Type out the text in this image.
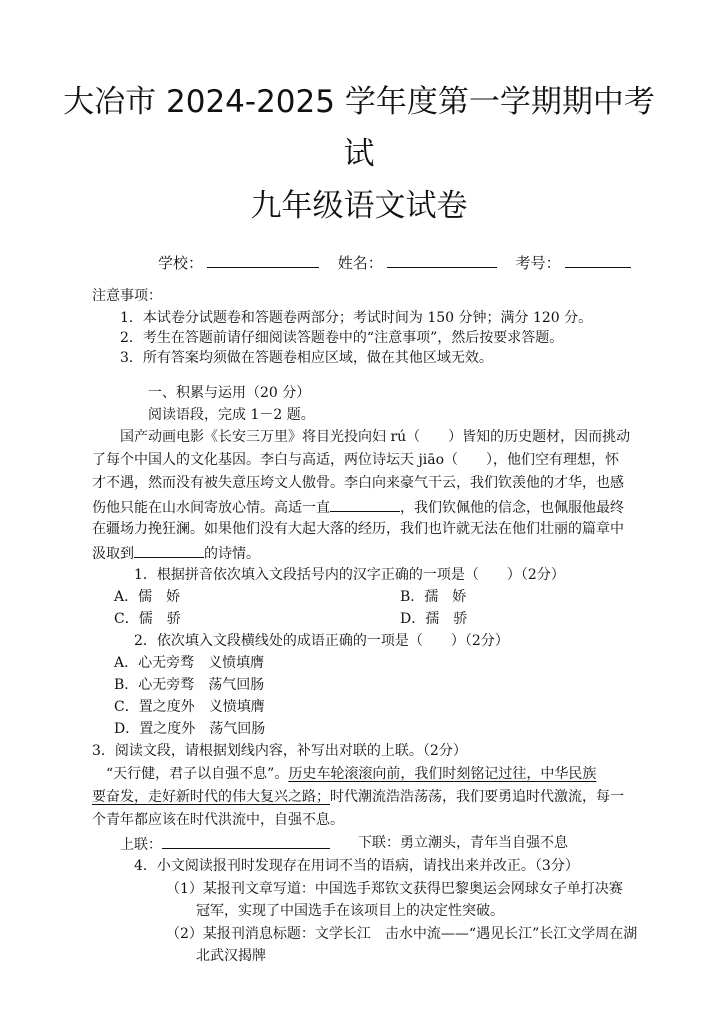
大冶市 2024-2025 学年度第一学期期中考
试
九年级语文试卷
学校：	姓名：	考号：
注意事项：
1．本试卷分试题卷和答题卷两部分；考试时间为 150 分钟；满分 120 分。
2．考生在答题前请仔细阅读答题卷中的“注意事项”，然后按要求答题。
3．所有答案均须做在答题卷相应区域，做在其他区域无效。
一、积累与运用（20 分）
阅读语段，完成 1－2 题。
国产动画电影《长安三万里》将目光投向妇 rú（　　）皆知的历史题材，因而挑动
了每个中国人的文化基因。李白与高适，两位诗坛天 jiāo（　　），他们空有理想，怀
才不遇，然而没有被失意压垮文人傲骨。李白向来豪气干云，我们钦羡他的才华，也感
伤他只能在山水间寄放心情。高适一直	，我们钦佩他的信念，也佩服他最终
在疆场力挽狂澜。如果他们没有大起大落的经历，我们也许就无法在他们壮丽的篇章中
汲取到	的诗情。
1．根据拼音依次填入文段括号内的汉字正确的一项是（　　）（2分）
A．儒　娇	B．孺　娇
C．儒　骄	D．孺　骄
2．依次填入文段横线处的成语正确的一项是（　　）（2分）
A．心无旁骛　义愤填膺
B．心无旁骛　荡气回肠
C．置之度外　义愤填膺
D．置之度外　荡气回肠
3．阅读文段，请根据划线内容，补写出对联的上联。（2分）
“天行健，君子以自强不息”。历史车轮滚滚向前，我们时刻铭记过往，中华民族
要奋发，走好新时代的伟大复兴之路；时代潮流浩浩荡荡，我们要勇追时代激流，每一
个青年都应该在时代洪流中，自强不息。
上联：	下联：勇立潮头，青年当自强不息
4．小文阅读报刊时发现存在用词不当的语病，请找出来并改正。（3分）
（1）某报刊文章写道：中国选手郑钦文获得巴黎奥运会网球女子单打决赛
冠军，实现了中国选手在该项目上的决定性突破。
（2）某报刊消息标题：文学长江　击水中流——“遇见长江”长江文学周在湖
北武汉揭牌
